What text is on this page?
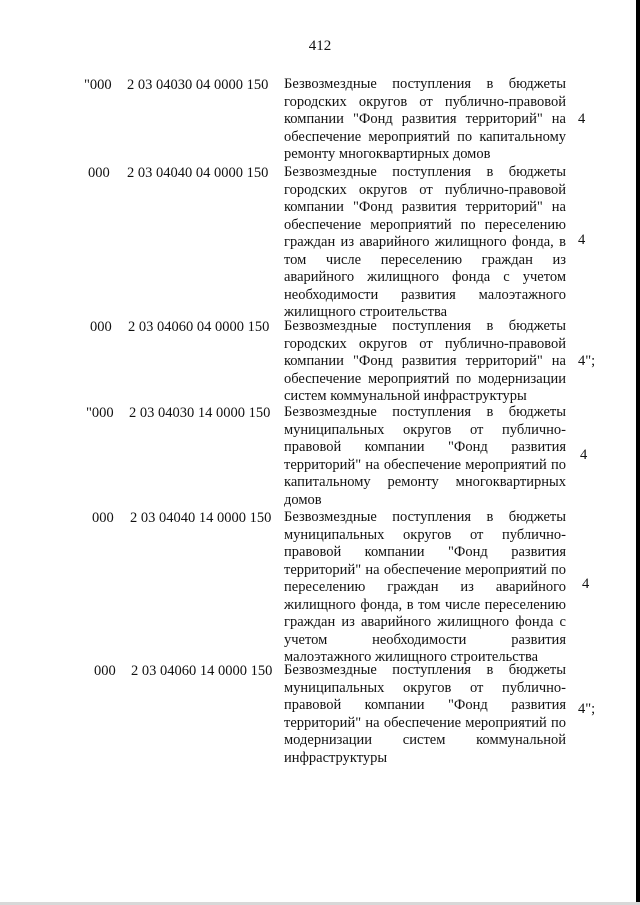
412
"000 2 03 04030 04 0000 150 Безвозмездные поступления в бюджеты городских округов от публично-правовой компании "Фонд развития территорий" на обеспечение мероприятий по капитальному ремонту многоквартирных домов
4
000 2 03 04040 04 0000 150 Безвозмездные поступления в бюджеты городских округов от публично-правовой компании "Фонд развития территорий" на обеспечение мероприятий по переселению граждан из аварийного жилищного фонда, в том числе переселению граждан из аварийного жилищного фонда с учетом необходимости развития малоэтажного жилищного строительства
4
000 2 03 04060 04 0000 150 Безвозмездные поступления в бюджеты городских округов от публично-правовой компании "Фонд развития территорий" на обеспечение мероприятий по модернизации систем коммунальной инфраструктуры
4";
"000 2 03 04030 14 0000 150 Безвозмездные поступления в бюджеты муниципальных округов от публично-правовой компании "Фонд развития территорий" на обеспечение мероприятий по капитальному ремонту многоквартирных домов
4
000 2 03 04040 14 0000 150 Безвозмездные поступления в бюджеты муниципальных округов от публично-правовой компании "Фонд развития территорий" на обеспечение мероприятий по переселению граждан из аварийного жилищного фонда, в том числе переселению граждан из аварийного жилищного фонда с учетом необходимости развития малоэтажного жилищного строительства
4
000 2 03 04060 14 0000 150 Безвозмездные поступления в бюджеты муниципальных округов от публично-правовой компании "Фонд развития территорий" на обеспечение мероприятий по модернизации систем коммунальной инфраструктуры
4";
